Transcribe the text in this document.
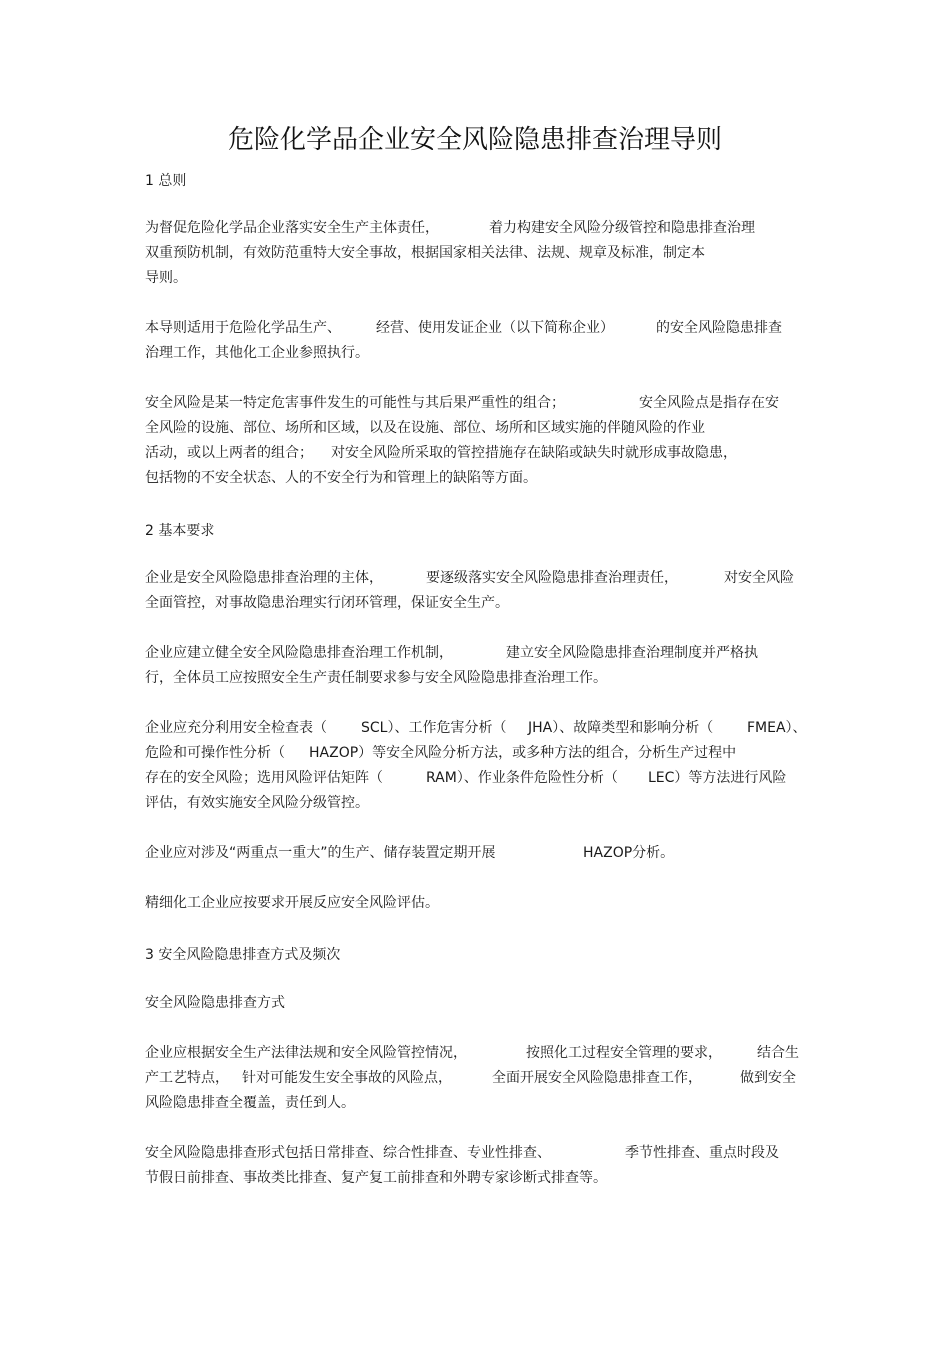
危险化学品企业安全风险隐患排查治理导则
1 总则
为督促危险化学品企业落实安全生产主体责任，	着力构建安全风险分级管控和隐患排查治理
双重预防机制，有效防范重特大安全事故，根据国家相关法律、法规、规章及标准，制定本
导则。
本导则适用于危险化学品生产、	经营、使用发证企业（以下简称企业）	的安全风险隐患排查
治理工作，其他化工企业参照执行。
安全风险是某一特定危害事件发生的可能性与其后果严重性的组合；	安全风险点是指存在安
全风险的设施、部位、场所和区域，以及在设施、部位、场所和区域实施的伴随风险的作业
活动，或以上两者的组合； 对安全风险所采取的管控措施存在缺陷或缺失时就形成事故隐患，
包括物的不安全状态、人的不安全行为和管理上的缺陷等方面。
2 基本要求
企业是安全风险隐患排查治理的主体，	要逐级落实安全风险隐患排查治理责任，	对安全风险
全面管控，对事故隐患治理实行闭环管理，保证安全生产。
企业应建立健全安全风险隐患排查治理工作机制，	建立安全风险隐患排查治理制度并严格执
行，全体员工应按照安全生产责任制要求参与安全风险隐患排查治理工作。
企业应充分利用安全检查表（ SCL）、工作危害分析（ JHA）、故障类型和影响分析（ FMEA）、
危险和可操作性分析（ HAZOP）等安全风险分析方法，或多种方法的组合，分析生产过程中
存在的安全风险；选用风险评估矩阵（	RAM）、作业条件危险性分析（ LEC）等方法进行风险
评估，有效实施安全风险分级管控。
企业应对涉及“两重点一重大”的生产、储存装置定期开展	HAZOP分析。
精细化工企业应按要求开展反应安全风险评估。
3 安全风险隐患排查方式及频次
安全风险隐患排查方式
企业应根据安全生产法律法规和安全风险管控情况，	按照化工过程安全管理的要求，	结合生
产工艺特点， 针对可能发生安全事故的风险点，	全面开展安全风险隐患排查工作，	做到安全
风险隐患排查全覆盖，责任到人。
安全风险隐患排查形式包括日常排查、综合性排查、专业性排查、	季节性排查、重点时段及
节假日前排查、事故类比排查、复产复工前排查和外聘专家诊断式排查等。
